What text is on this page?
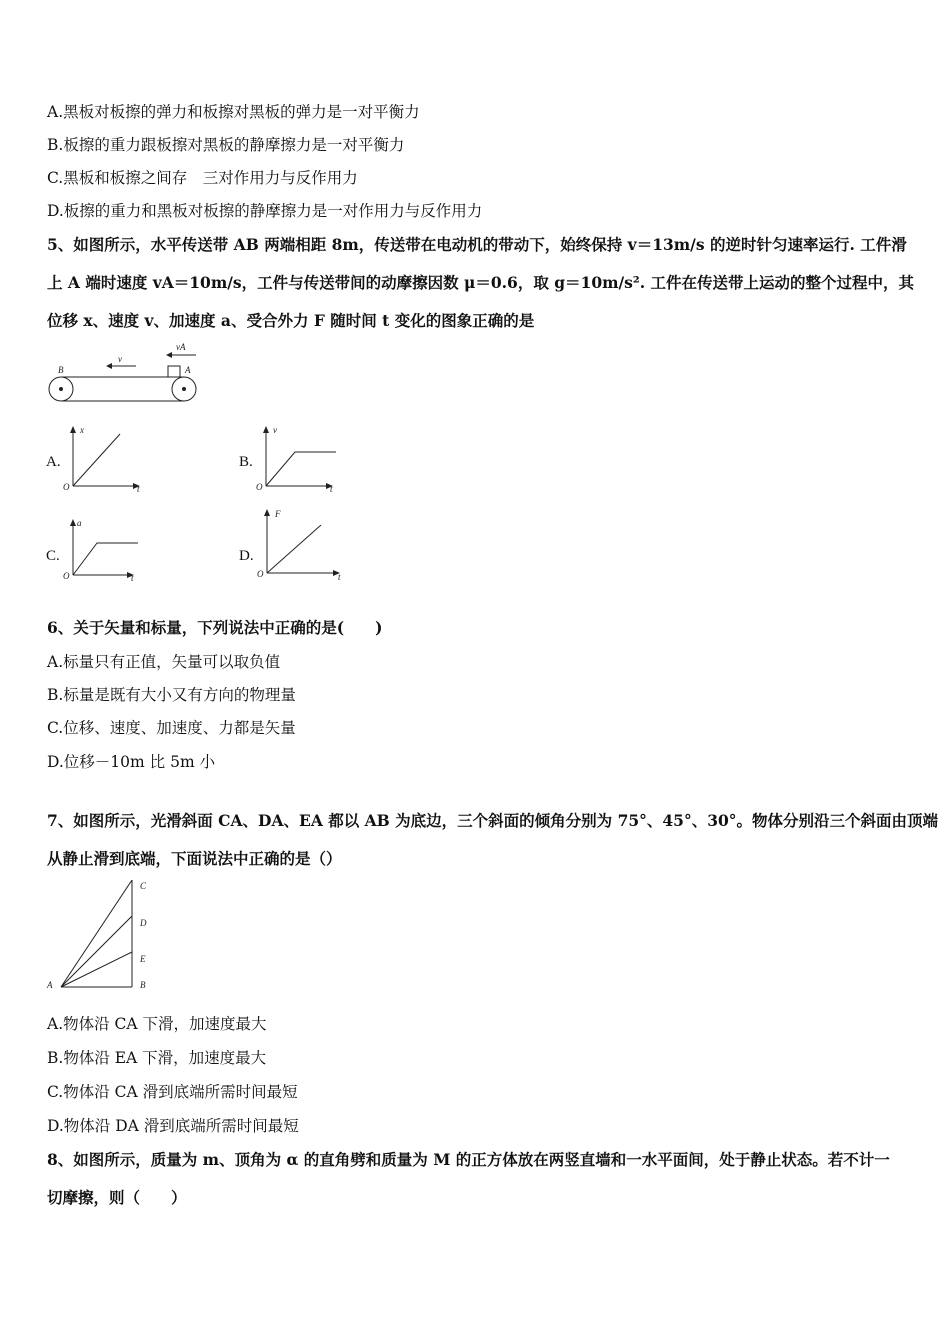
A.黑板对板擦的弹力和板擦对黑板的弹力是一对平衡力
B.板擦的重力跟板擦对黑板的静摩擦力是一对平衡力
C.黑板和板擦之间存　三对作用力与反作用力
D.板擦的重力和黑板对板擦的静摩擦力是一对作用力与反作用力
5、如图所示，水平传送带 AB 两端相距 8m，传送带在电动机的带动下，始终保持 v＝13m/s 的逆时针匀速率运行. 工件滑
上 A 端时速度 vA＝10m/s，工件与传送带间的动摩擦因数 μ＝0.6，取 g＝10m/s². 工件在传送带上运动的整个过程中，其
位移 x、速度 v、加速度 a、受合外力 F 随时间 t 变化的图象正确的是
B	A
v
vA
A.
O
x
t
B.
O
v
t
C.
O
a
t
D.
O
F
t
6、关于矢量和标量，下列说法中正确的是(　　)
A.标量只有正值，矢量可以取负值
B.标量是既有大小又有方向的物理量
C.位移、速度、加速度、力都是矢量
D.位移－10m 比 5m 小
7、如图所示，光滑斜面 CA、DA、EA 都以 AB 为底边，三个斜面的倾角分别为 75°、45°、30°。物体分别沿三个斜面由顶端
从静止滑到底端，下面说法中正确的是（）
A	B
C
D
E
A.物体沿 CA 下滑，加速度最大
B.物体沿 EA 下滑，加速度最大
C.物体沿 CA 滑到底端所需时间最短
D.物体沿 DA 滑到底端所需时间最短
8、如图所示，质量为 m、顶角为 α 的直角劈和质量为 M 的正方体放在两竖直墙和一水平面间，处于静止状态。若不计一
切摩擦，则（　　）
